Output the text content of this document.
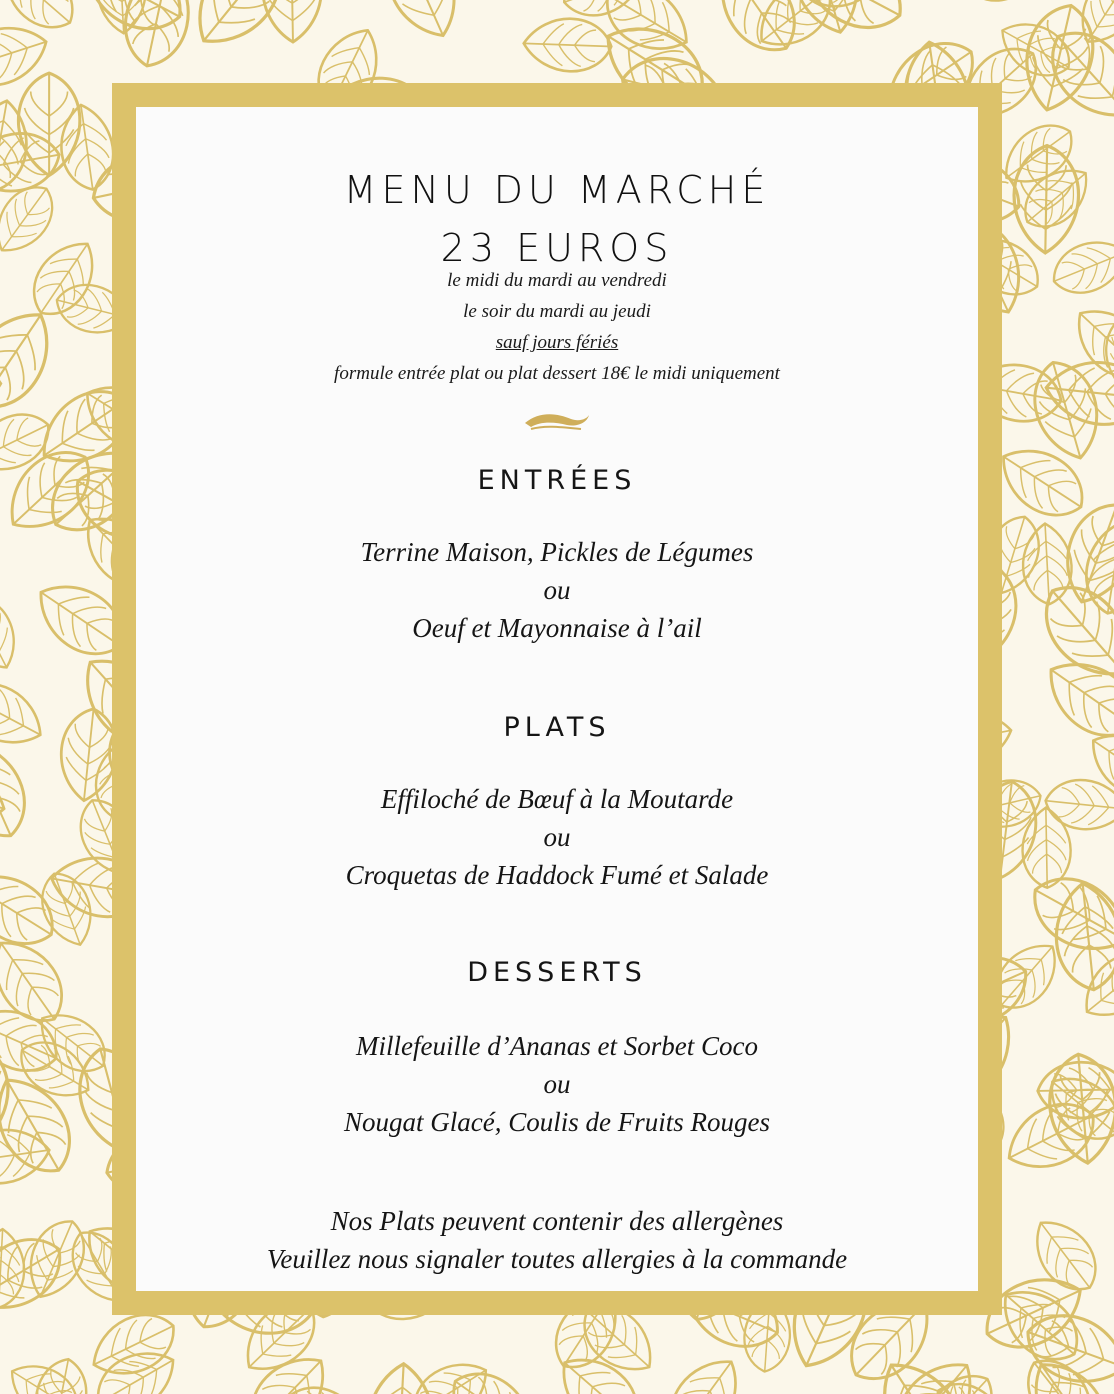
MENU DU MARCHÉ
23 EUROS
le midi du mardi au vendredi
le soir du mardi au jeudi
sauf jours fériés
formule entrée plat ou plat dessert 18€ le midi uniquement
ENTRÉES
Terrine Maison, Pickles de Légumes
ou
Oeuf et Mayonnaise à l’ail
PLATS
Effiloché de Bœuf à la Moutarde
ou
Croquetas de Haddock Fumé et Salade
DESSERTS
Millefeuille d’Ananas et Sorbet Coco
ou
Nougat Glacé, Coulis de Fruits Rouges
Nos Plats peuvent contenir des allergènes
Veuillez nous signaler toutes allergies à la commande
